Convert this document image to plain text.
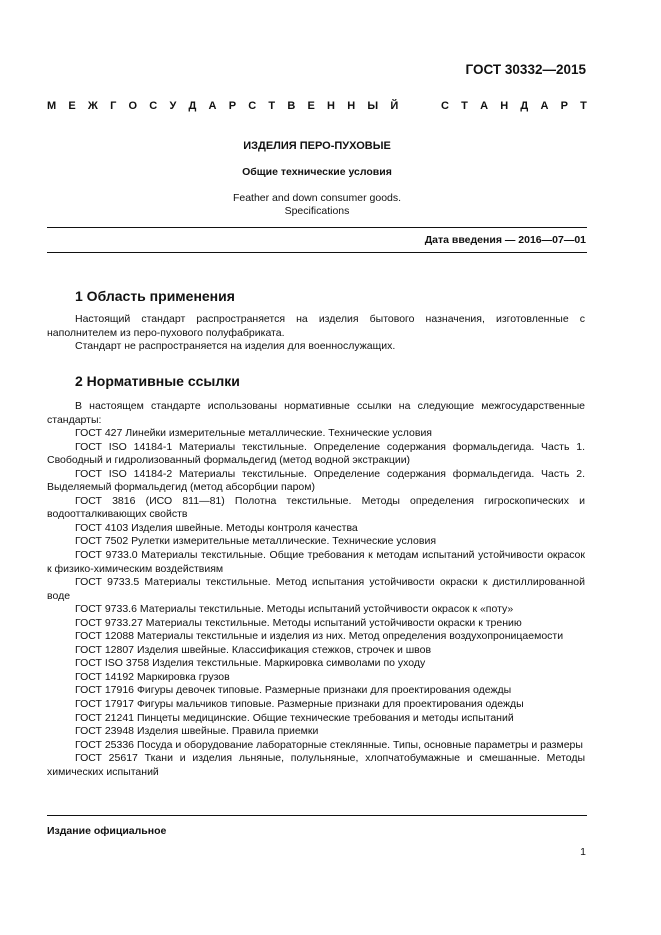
ГОСТ 30332—2015
М Е Ж Г О С У Д А Р С Т В Е Н Н Ы Й

	С Т А Н Д А Р Т
ИЗДЕЛИЯ ПЕРО-ПУХОВЫЕ
Общие технические условия
Feather and down consumer goods.
Specifications
Дата введения — 2016—07—01
1 Область применения

Настоящий стандарт распространяется на изделия бытового назначения, изготовленные с наполнителем из перо-пухового полуфабриката.

Стандарт не распространяется на изделия для военнослужащих.

2 Нормативные ссылки

В настоящем стандарте использованы нормативные ссылки на следующие межгосударственные стандарты:

ГОСТ 427 Линейки измерительные металлические. Технические условия

ГОСТ ISO 14184-1 Материалы текстильные. Определение содержания формальдегида. Часть 1. Свободный и гидролизованный формальдегид (метод водной экстракции)

ГОСТ ISO 14184-2 Материалы текстильные. Определение содержания формальдегида. Часть 2. Выделяемый формальдегид (метод абсорбции паром)

ГОСТ 3816 (ИСО 811—81) Полотна текстильные. Методы определения гигроскопических и водоотталкивающих свойств

ГОСТ 4103 Изделия швейные. Методы контроля качества

ГОСТ 7502 Рулетки измерительные металлические. Технические условия

ГОСТ 9733.0 Материалы текстильные. Общие требования к методам испытаний устойчивости окрасок к физико-химическим воздействиям

ГОСТ 9733.5 Материалы текстильные. Метод испытания устойчивости окраски к дистиллированной воде

ГОСТ 9733.6 Материалы текстильные. Методы испытаний устойчивости окрасок к «поту»

ГОСТ 9733.27 Материалы текстильные. Методы испытаний устойчивости окраски к трению

ГОСТ 12088 Материалы текстильные и изделия из них. Метод определения воздухопроницаемости

ГОСТ 12807 Изделия швейные. Классификация стежков, строчек и швов

ГОСТ ISO 3758 Изделия текстильные. Маркировка символами по уходу

ГОСТ 14192 Маркировка грузов

ГОСТ 17916 Фигуры девочек типовые. Размерные признаки для проектирования одежды

ГОСТ 17917 Фигуры мальчиков типовые. Размерные признаки для проектирования одежды

ГОСТ 21241 Пинцеты медицинские. Общие технические требования и методы испытаний

ГОСТ 23948 Изделия швейные. Правила приемки

ГОСТ 25336 Посуда и оборудование лабораторные стеклянные. Типы, основные параметры и размеры

ГОСТ 25617 Ткани и изделия льняные, полульняные, хлопчатобумажные и смешанные. Методы химических испытаний

Издание официальное
1
